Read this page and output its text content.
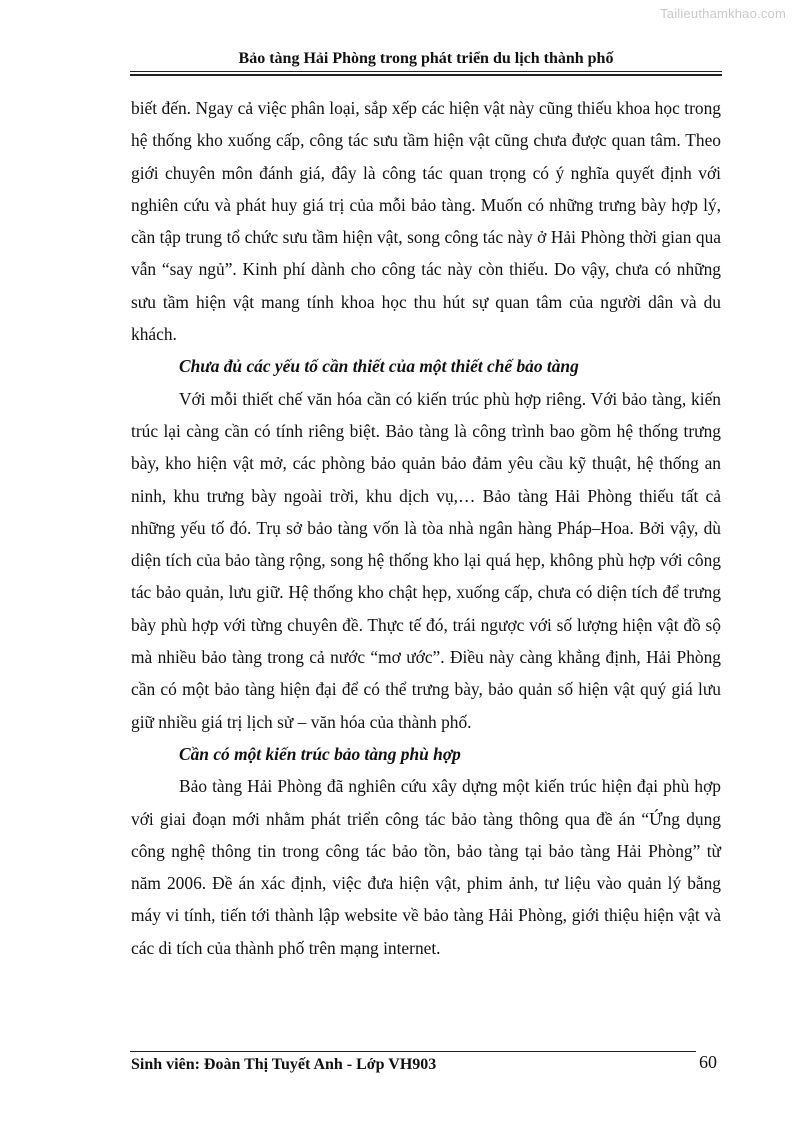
Tailieuthamkhao.com
Bảo tàng Hải Phòng trong phát triển du lịch thành phố

biết đến. Ngay cả việc phân loại, sắp xếp các hiện vật này cũng thiếu khoa học trong hệ thống kho xuống cấp, công tác sưu tầm hiện vật cũng chưa được quan tâm. Theo giới chuyên môn đánh giá, đây là công tác quan trọng có ý nghĩa quyết định với nghiên cứu và phát huy giá trị của mỗi bảo tàng. Muốn có những trưng bày hợp lý, cần tập trung tổ chức sưu tầm hiện vật, song công tác này ở Hải Phòng thời gian qua vẫn “say ngủ”. Kinh phí dành cho công tác này còn thiếu. Do vậy, chưa có những sưu tầm hiện vật mang tính khoa học thu hút sự quan tâm của người dân và du khách.

Chưa đủ các yếu tố cần thiết của một thiết chế bảo tàng

Với mỗi thiết chế văn hóa cần có kiến trúc phù hợp riêng. Với bảo tàng, kiến trúc lại càng cần có tính riêng biệt. Bảo tàng là công trình bao gồm hệ thống trưng bày, kho hiện vật mở, các phòng bảo quản bảo đảm yêu cầu kỹ thuật, hệ thống an ninh, khu trưng bày ngoài trời, khu dịch vụ,… Bảo tàng Hải Phòng thiếu tất cả những yếu tố đó. Trụ sở bảo tàng vốn là tòa nhà ngân hàng Pháp–Hoa. Bởi vậy, dù diện tích của bảo tàng rộng, song hệ thống kho lại quá hẹp, không phù hợp với công tác bảo quản, lưu giữ. Hệ thống kho chật hẹp, xuống cấp, chưa có diện tích để trưng bày phù hợp với từng chuyên đề. Thực tế đó, trái ngược với số lượng hiện vật đồ sộ mà nhiều bảo tàng trong cả nước “mơ ước”. Điều này càng khẳng định, Hải Phòng cần có một bảo tàng hiện đại để có thể trưng bày, bảo quản số hiện vật quý giá lưu giữ nhiều giá trị lịch sử – văn hóa của thành phố.

Cần có một kiến trúc bảo tàng phù hợp

Bảo tàng Hải Phòng đã nghiên cứu xây dựng một kiến trúc hiện đại phù hợp với giai đoạn mới nhằm phát triển công tác bảo tàng thông qua đề án “Ứng dụng công nghệ thông tin trong công tác bảo tồn, bảo tàng tại bảo tàng Hải Phòng” từ năm 2006. Đề án xác định, việc đưa hiện vật, phim ảnh, tư liệu vào quản lý bằng máy vi tính, tiến tới thành lập website về bảo tàng Hải Phòng, giới thiệu hiện vật và các di tích của thành phố trên mạng internet.

Sinh viên: Đoàn Thị Tuyết Anh - Lớp VH903	60
